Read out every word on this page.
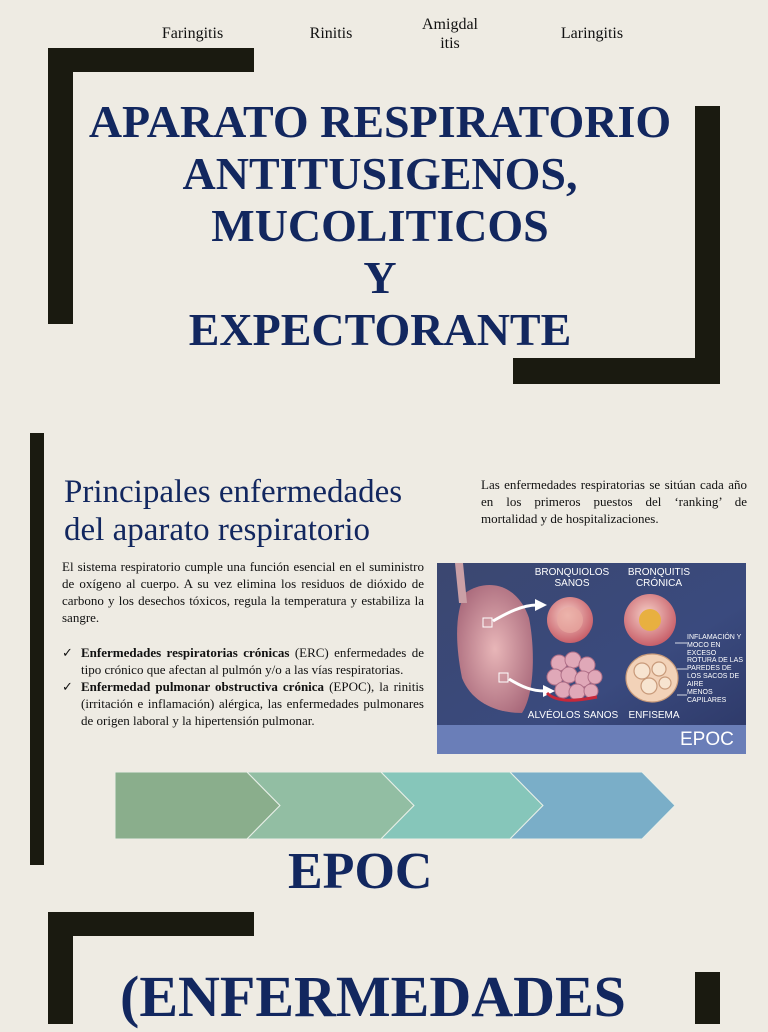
APARATO RESPIRATORIO
ANTITUSIGENOS,
MUCOLITICOS
Y
EXPECTORANTE
Principales enfermedades
del aparato respiratorio
Las enfermedades respiratorias se sitúan cada año en los primeros puestos del ‘ranking’ de mortalidad y de hospitalizaciones.
El sistema respiratorio cumple una función esencial en el suministro de oxígeno al cuerpo. A su vez elimina los residuos de dióxido de carbono y los desechos tóxicos, regula la temperatura y estabiliza la sangre.
✓ Enfermedades respiratorias crónicas (ERC) enfermedades de tipo crónico que afectan al pulmón y/o a las vías respiratorias.
✓ Enfermedad pulmonar obstructiva crónica (EPOC), la rinitis (irritación e inflamación) alérgica, las enfermedades pulmonares de origen laboral y la hipertensión pulmonar.
BRONQUIOLOS SANOS
BRONQUITIS CRÓNICA
ALVÉOLOS SANOS	ENFISEMA
INFLAMACIÓN Y MOCO EN EXCESO
ROTURA DE LAS PAREDES DE LOS SACOS DE AIRE
MENOS CAPILARES
EPOC
Faringitis	Rinitis
Amigdalitis
Laringitis
EPOC
(ENFERMEDADES
